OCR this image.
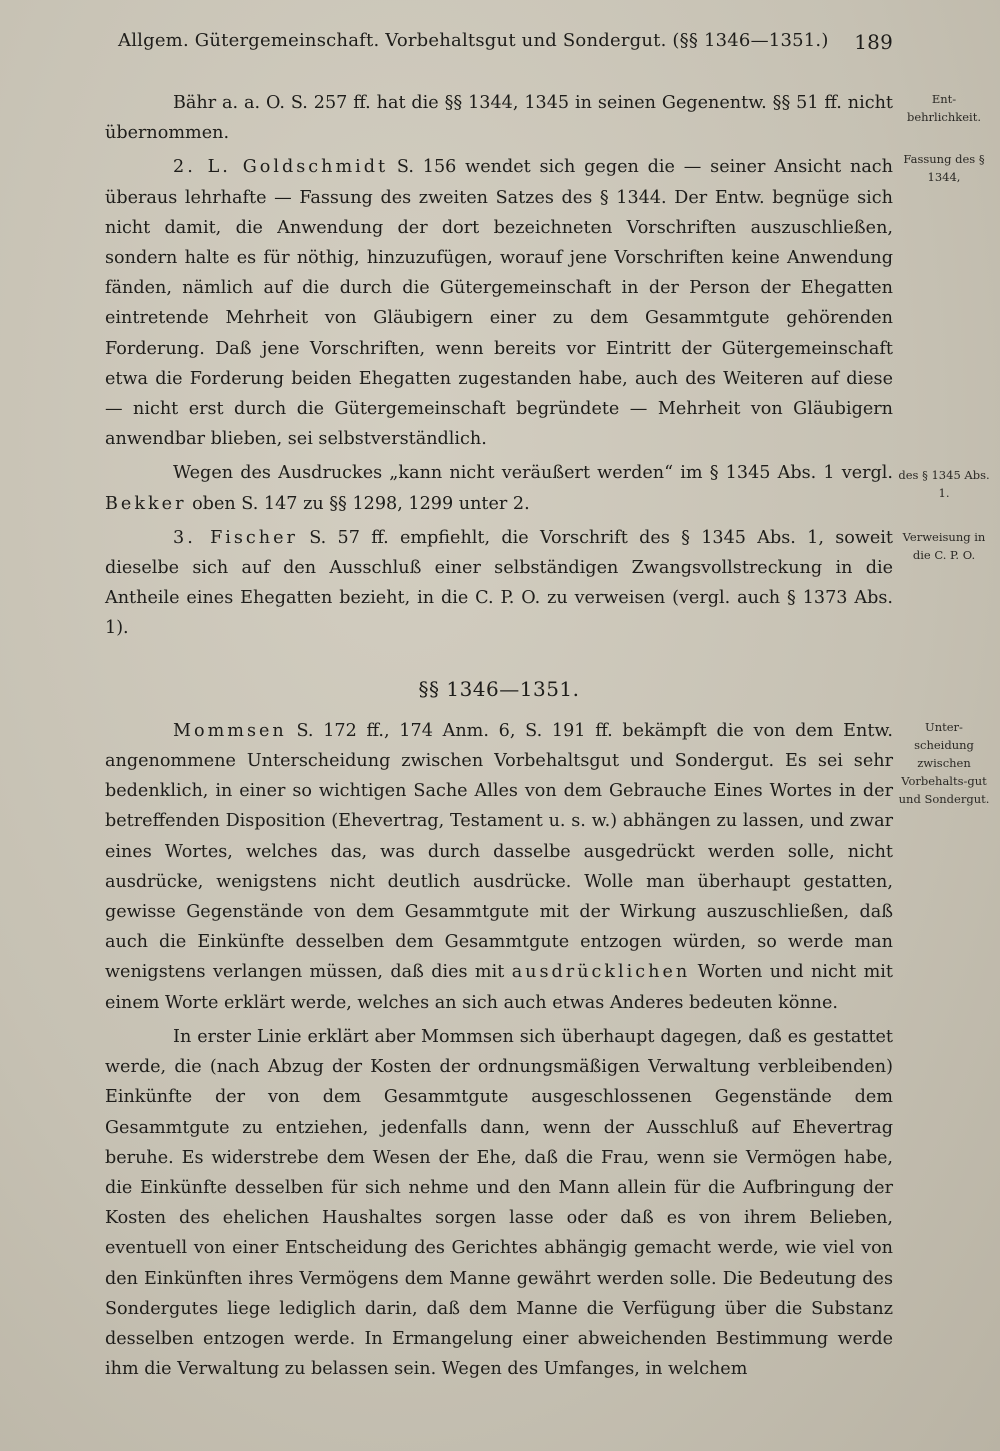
Allgem. Gütergemeinschaft. Vorbehaltsgut und Sondergut. (§§ 1346—1351.) 189
Ent-behrlichkeit.
Fassung des § 1344,
des § 1345 Abs. 1.
Verweisung in die C. P. O.
Unter-scheidung zwischen Vorbehalts-gut und Sondergut.

Bähr a. a. O. S. 257 ff. hat die §§ 1344, 1345 in seinen Gegenentw. §§ 51 ff. nicht übernommen.

2. L. Goldschmidt S. 156 wendet sich gegen die — seiner Ansicht nach überaus lehrhafte — Fassung des zweiten Satzes des § 1344. Der Entw. begnüge sich nicht damit, die Anwendung der dort bezeichneten Vorschriften auszuschließen, sondern halte es für nöthig, hinzuzufügen, worauf jene Vorschriften keine Anwendung fänden, nämlich auf die durch die Gütergemeinschaft in der Person der Ehegatten eintretende Mehrheit von Gläubigern einer zu dem Gesammtgute gehörenden Forderung. Daß jene Vorschriften, wenn bereits vor Eintritt der Gütergemeinschaft etwa die Forderung beiden Ehegatten zugestanden habe, auch des Weiteren auf diese — nicht erst durch die Gütergemeinschaft begründete — Mehrheit von Gläubigern anwendbar blieben, sei selbstverständlich.

Wegen des Ausdruckes „kann nicht veräußert werden“ im § 1345 Abs. 1 vergl. Bekker oben S. 147 zu §§ 1298, 1299 unter 2.

3. Fischer S. 57 ff. empfiehlt, die Vorschrift des § 1345 Abs. 1, soweit dieselbe sich auf den Ausschluß einer selbständigen Zwangsvollstreckung in die Antheile eines Ehegatten bezieht, in die C. P. O. zu verweisen (vergl. auch § 1373 Abs. 1).

§§ 1346—1351.

Mommsen S. 172 ff., 174 Anm. 6, S. 191 ff. bekämpft die von dem Entw. angenommene Unterscheidung zwischen Vorbehaltsgut und Sondergut. Es sei sehr bedenklich, in einer so wichtigen Sache Alles von dem Gebrauche Eines Wortes in der betreffenden Disposition (Ehevertrag, Testament u. s. w.) abhängen zu lassen, und zwar eines Wortes, welches das, was durch dasselbe ausgedrückt werden solle, nicht ausdrücke, wenigstens nicht deutlich ausdrücke. Wolle man überhaupt gestatten, gewisse Gegenstände von dem Gesammtgute mit der Wirkung auszuschließen, daß auch die Einkünfte desselben dem Gesammtgute entzogen würden, so werde man wenigstens verlangen müssen, daß dies mit ausdrücklichen Worten und nicht mit einem Worte erklärt werde, welches an sich auch etwas Anderes bedeuten könne.

In erster Linie erklärt aber Mommsen sich überhaupt dagegen, daß es gestattet werde, die (nach Abzug der Kosten der ordnungsmäßigen Verwaltung verbleibenden) Einkünfte der von dem Gesammtgute ausgeschlossenen Gegenstände dem Gesammtgute zu entziehen, jedenfalls dann, wenn der Ausschluß auf Ehevertrag beruhe. Es widerstrebe dem Wesen der Ehe, daß die Frau, wenn sie Vermögen habe, die Einkünfte desselben für sich nehme und den Mann allein für die Aufbringung der Kosten des ehelichen Haushaltes sorgen lasse oder daß es von ihrem Belieben, eventuell von einer Entscheidung des Gerichtes abhängig gemacht werde, wie viel von den Einkünften ihres Vermögens dem Manne gewährt werden solle. Die Bedeutung des Sondergutes liege lediglich darin, daß dem Manne die Verfügung über die Substanz desselben entzogen werde. In Ermangelung einer abweichenden Bestimmung werde ihm die Verwaltung zu belassen sein. Wegen des Umfanges, in welchem
